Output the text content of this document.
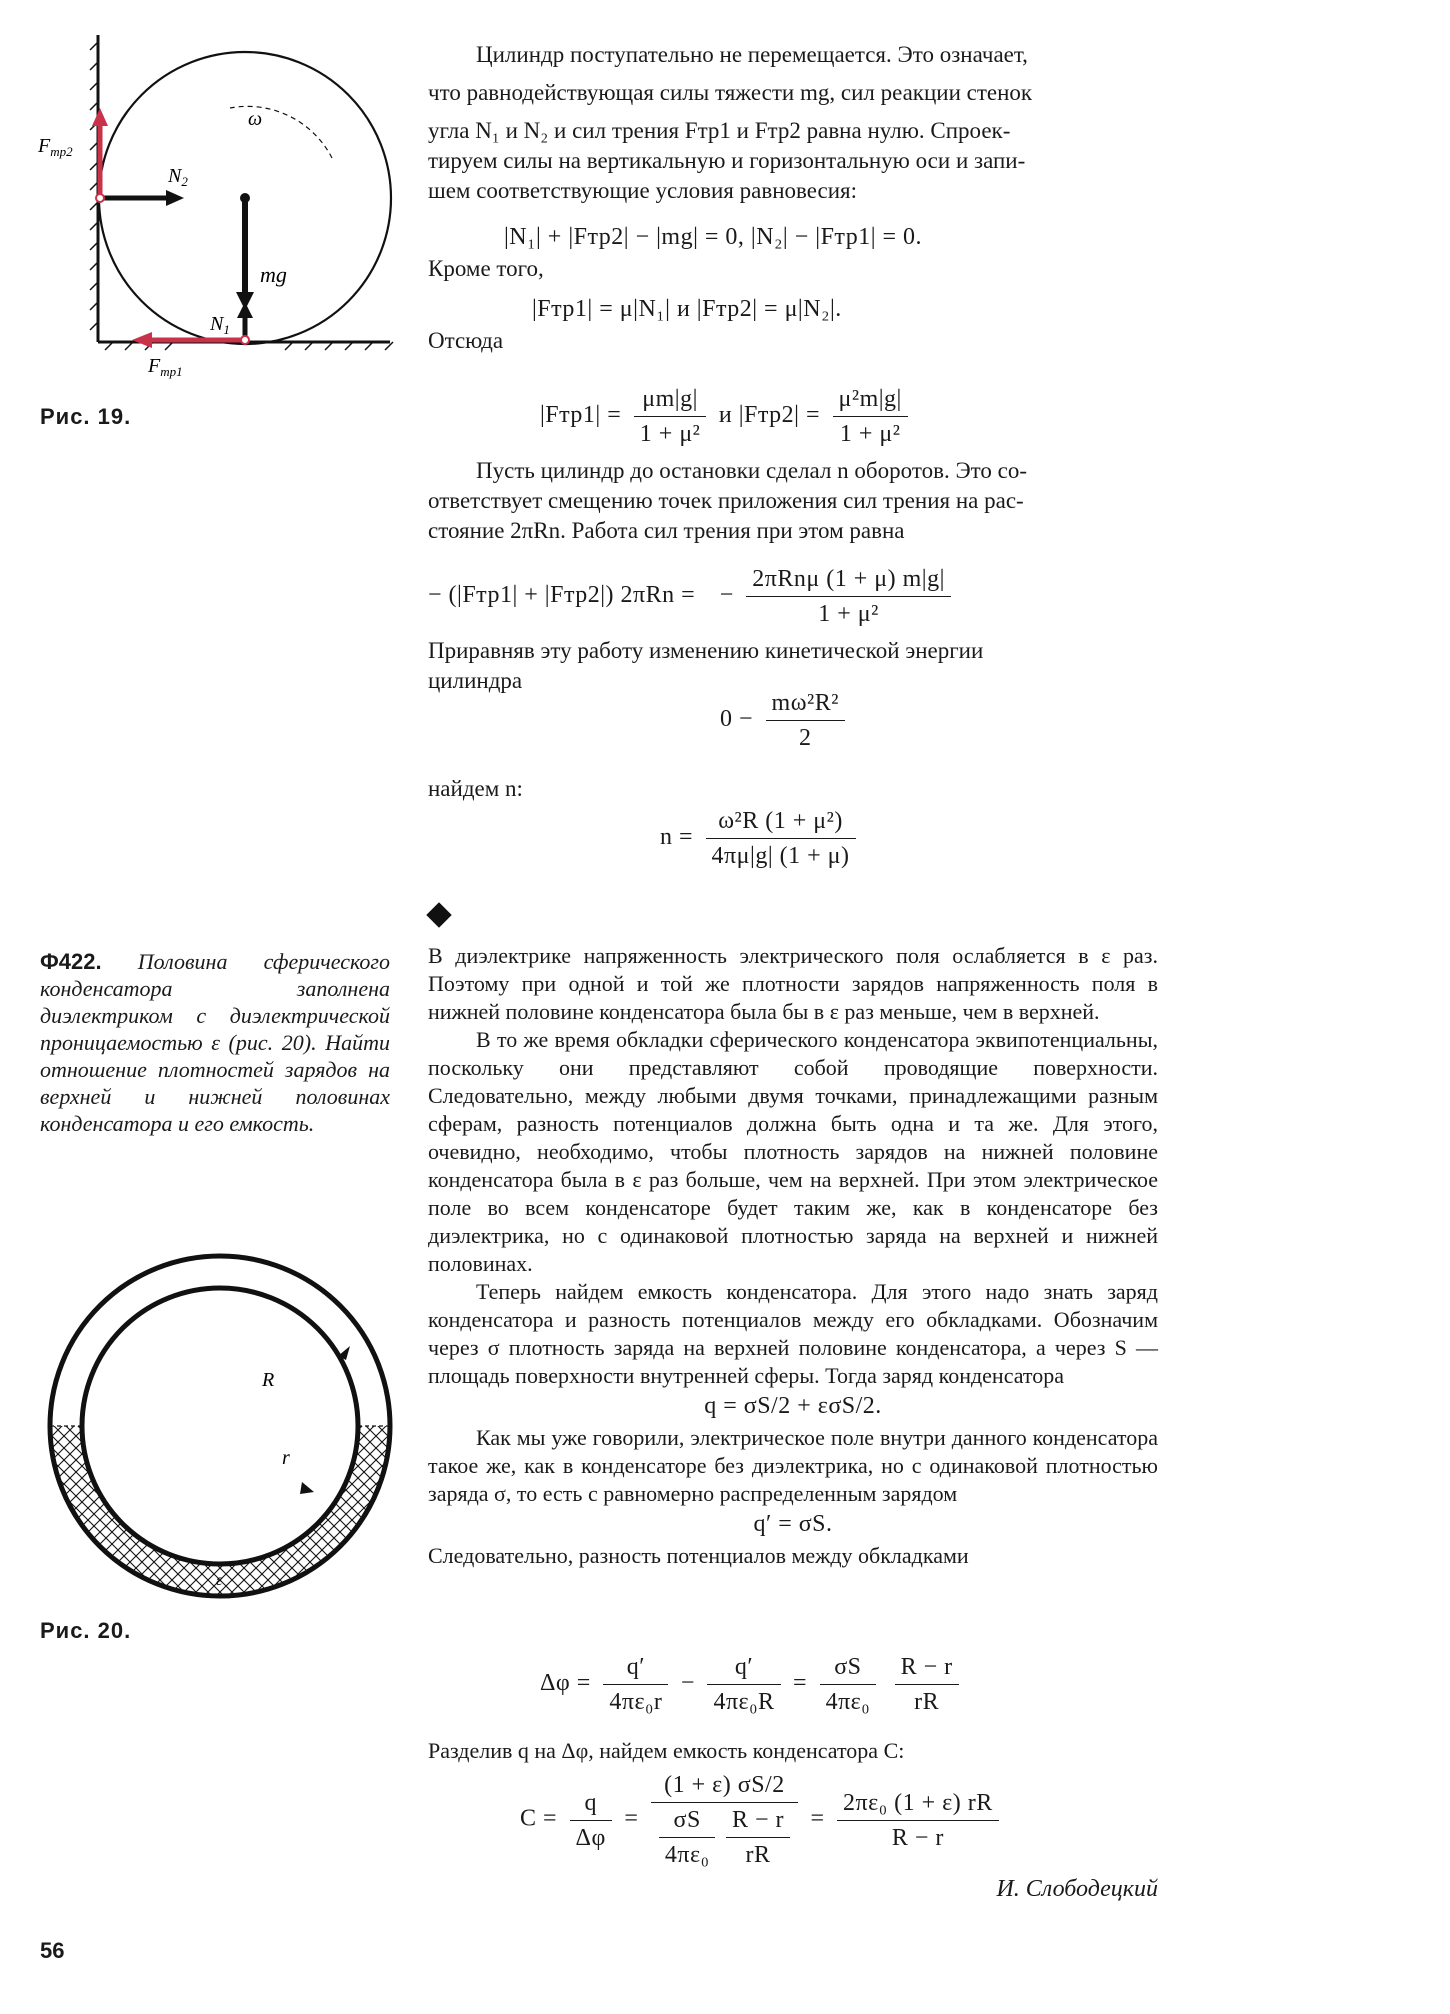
ω
mg
$N_1$
$N_2$
$F_{тр2}$
$F_{тр1}$
Рис. 19.

Цилиндр поступательно не перемещается. Это означает,

что равнодействующая силы тяжести mg, сил реакции стенок

угла N₁ и N₂ и сил трения Fтр1 и Fтр2 равна нулю. Спроек-

тируем силы на вертикальную и горизонтальную оси и запи-

шем соответствующие условия равновесия:

|N₁| + |Fтр2| − |mg| = 0, |N₂| − |Fтр1| = 0.
Кроме того,
|Fтр1| = μ|N₁| и |Fтр2| = μ|N₂|.
Отсюда
$|Fтр1| = \frac{\mu m|g|}{\text{1 + μ²}}$ и $|Fтр2| = \frac{\text{μ²m|g|}}{\text{1 + μ²}}$

Пусть цилиндр до остановки сделал n оборотов. Это со-

ответствует смещению точек приложения сил трения на рас-

стояние 2πRn. Работа сил трения при этом равна

− (|Fтр1| + |Fтр2|) 2πRn = − $\frac{\text{2πRnμ (1 + μ) m|g|}}{\text{1 + μ²}}$

Приравняв эту работу изменению кинетической энергии

цилиндра

$0 - \frac{\text{mω²R²}}{2}$
найдем n:
$n = \frac{\text{ω²R (1 + μ²)}}{4\pi\mu|g| (1 + \mu)}$
Ф422. Половина сферического конденсатора заполнена диэлектриком с диэлектрической проницаемостью ε (рис. 20). Найти отношение плотностей зарядов на верхней и нижней половинах конденсатора и его емкость.
R
r
ε
Рис. 20.

В диэлектрике напряженность электрического поля ослабляется в ε раз. Поэтому при одной и той же плотности зарядов напряженность поля в нижней половине конденсатора была бы в ε раз меньше, чем в верхней.

В то же время обкладки сферического конденсатора эквипотенциальны, поскольку они представляют собой проводящие поверхности. Следовательно, между любыми двумя точками, принадлежащими разным сферам, разность потенциалов должна быть одна и та же. Для этого, очевидно, необходимо, чтобы плотность зарядов на нижней половине конденсатора была в ε раз больше, чем на верхней. При этом электрическое поле во всем конденсаторе будет таким же, как в конденсаторе без диэлектрика, но с одинаковой плотностью заряда на верхней и нижней половинах.

Теперь найдем емкость конденсатора. Для этого надо знать заряд конденсатора и разность потенциалов между его обкладками. Обозначим через σ плотность заряда на верхней половине конденсатора, а через S — площадь поверхности внутренней сферы. Тогда заряд конденсатора

q = σS/2 + εσS/2.

Как мы уже говорили, электрическое поле внутри данного конденсатора такое же, как в конденсаторе без диэлектрика, но с одинаковой плотностью заряда σ, то есть с равномерно распределенным зарядом

q′ = σS.

Следовательно, разность потенциалов между обкладками

$\Delta\varphi = \frac{q'}{\text{4πε₀r}} - \frac{q'}{\text{4πε₀R}} = \frac{\sigma S}{\text{4πε₀}}$
$\frac{R - r}{rR}$
Разделив q на Δφ, найдем емкость конденсатора C:
$C = \frac{q}{\Delta\varphi} = (1 + \varepsilon)$ σS/2
$\frac{\sigma S}{\text{4πε₀}}$
$\frac{R - r}{rR} = \frac{\text{2πε₀ (1 + ε) rR}}{R - r}$
И. Слободецкий
56
